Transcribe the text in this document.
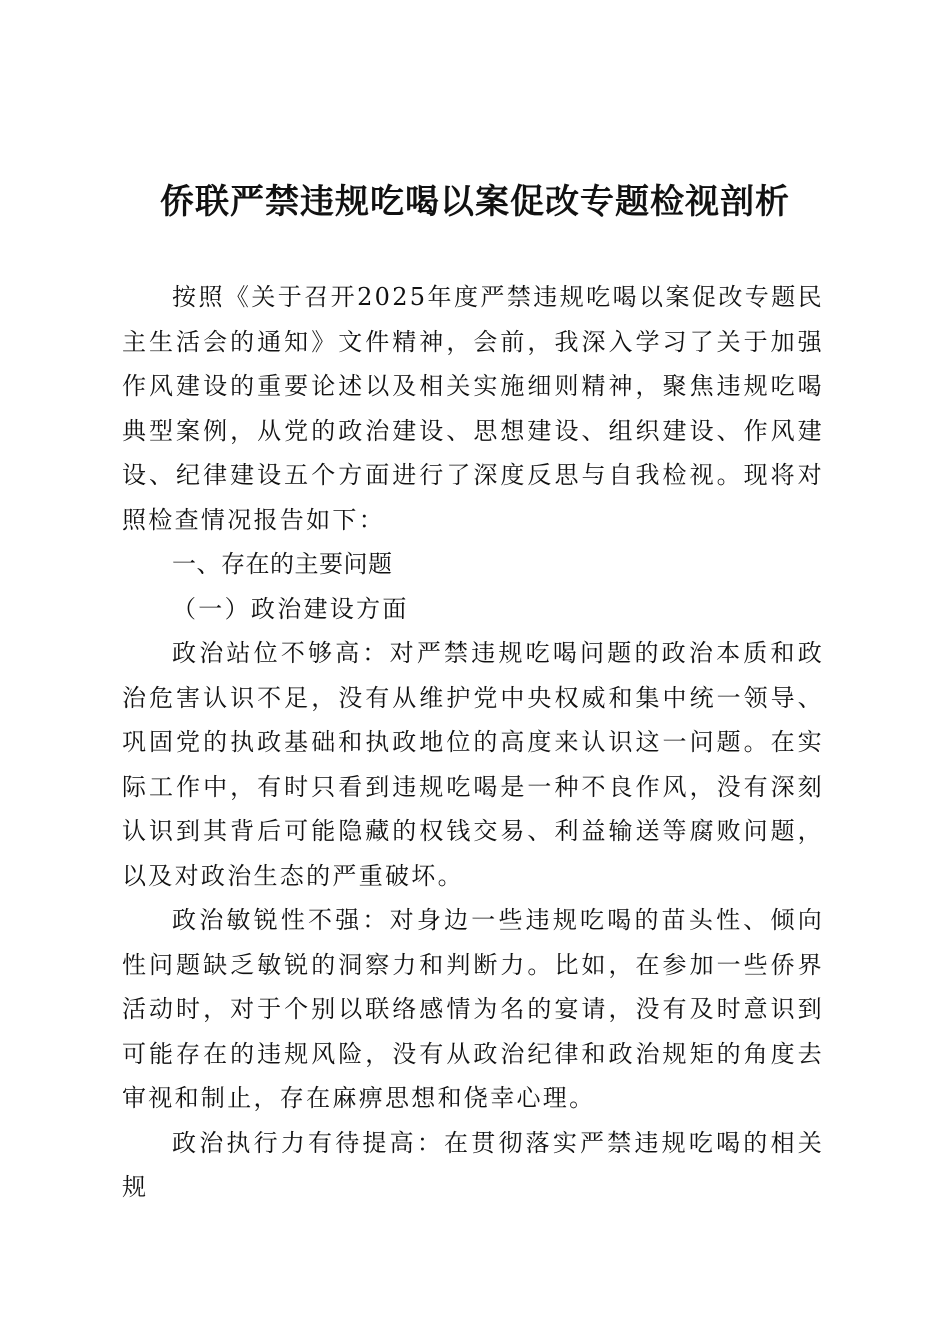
侨联严禁违规吃喝以案促改专题检视剖析

按照《关于召开2025年度严禁违规吃喝以案促改专题民主生活会的通知》文件精神，会前，我深入学习了关于加强作风建设的重要论述以及相关实施细则精神，聚焦违规吃喝典型案例，从党的政治建设、思想建设、组织建设、作风建设、纪律建设五个方面进行了深度反思与自我检视。现将对照检查情况报告如下：

一、存在的主要问题

（一）政治建设方面

政治站位不够高：对严禁违规吃喝问题的政治本质和政治危害认识不足，没有从维护党中央权威和集中统一领导、巩固党的执政基础和执政地位的高度来认识这一问题。在实际工作中，有时只看到违规吃喝是一种不良作风，没有深刻认识到其背后可能隐藏的权钱交易、利益输送等腐败问题，以及对政治生态的严重破坏。

政治敏锐性不强：对身边一些违规吃喝的苗头性、倾向性问题缺乏敏锐的洞察力和判断力。比如，在参加一些侨界活动时，对于个别以联络感情为名的宴请，没有及时意识到可能存在的违规风险，没有从政治纪律和政治规矩的角度去审视和制止，存在麻痹思想和侥幸心理。

政治执行力有待提高：在贯彻落实严禁违规吃喝的相关规
